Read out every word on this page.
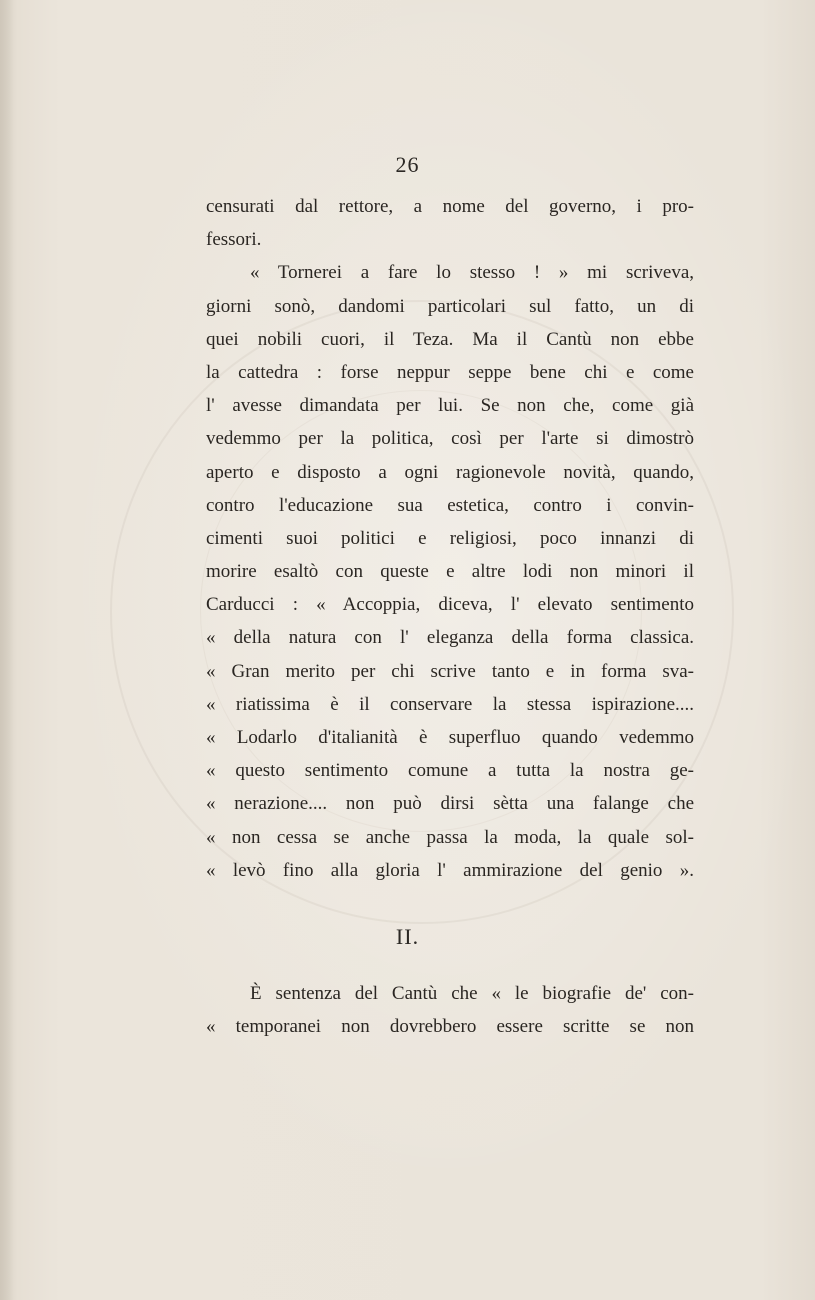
26
censurati dal rettore, a nome del governo, i pro-
fessori.
« Tornerei a fare lo stesso ! » mi scriveva,
giorni sonò, dandomi particolari sul fatto, un di
quei nobili cuori, il Teza. Ma il Cantù non ebbe
la cattedra : forse neppur seppe bene chi e come
l' avesse dimandata per lui. Se non che, come già
vedemmo per la politica, così per l'arte si dimostrò
aperto e disposto a ogni ragionevole novità, quando,
contro l'educazione sua estetica, contro i convin-
cimenti suoi politici e religiosi, poco innanzi di
morire esaltò con queste e altre lodi non minori il
Carducci : « Accoppia, diceva, l' elevato sentimento
« della natura con l' eleganza della forma classica.
« Gran merito per chi scrive tanto e in forma sva-
« riatissima è il conservare la stessa ispirazione....
« Lodarlo d'italianità è superfluo quando vedemmo
« questo sentimento comune a tutta la nostra ge-
« nerazione.... non può dirsi sètta una falange che
« non cessa se anche passa la moda, la quale sol-
« levò fino alla gloria l' ammirazione del genio ».
II.
È sentenza del Cantù che « le biografie de' con-
« temporanei non dovrebbero essere scritte se non
